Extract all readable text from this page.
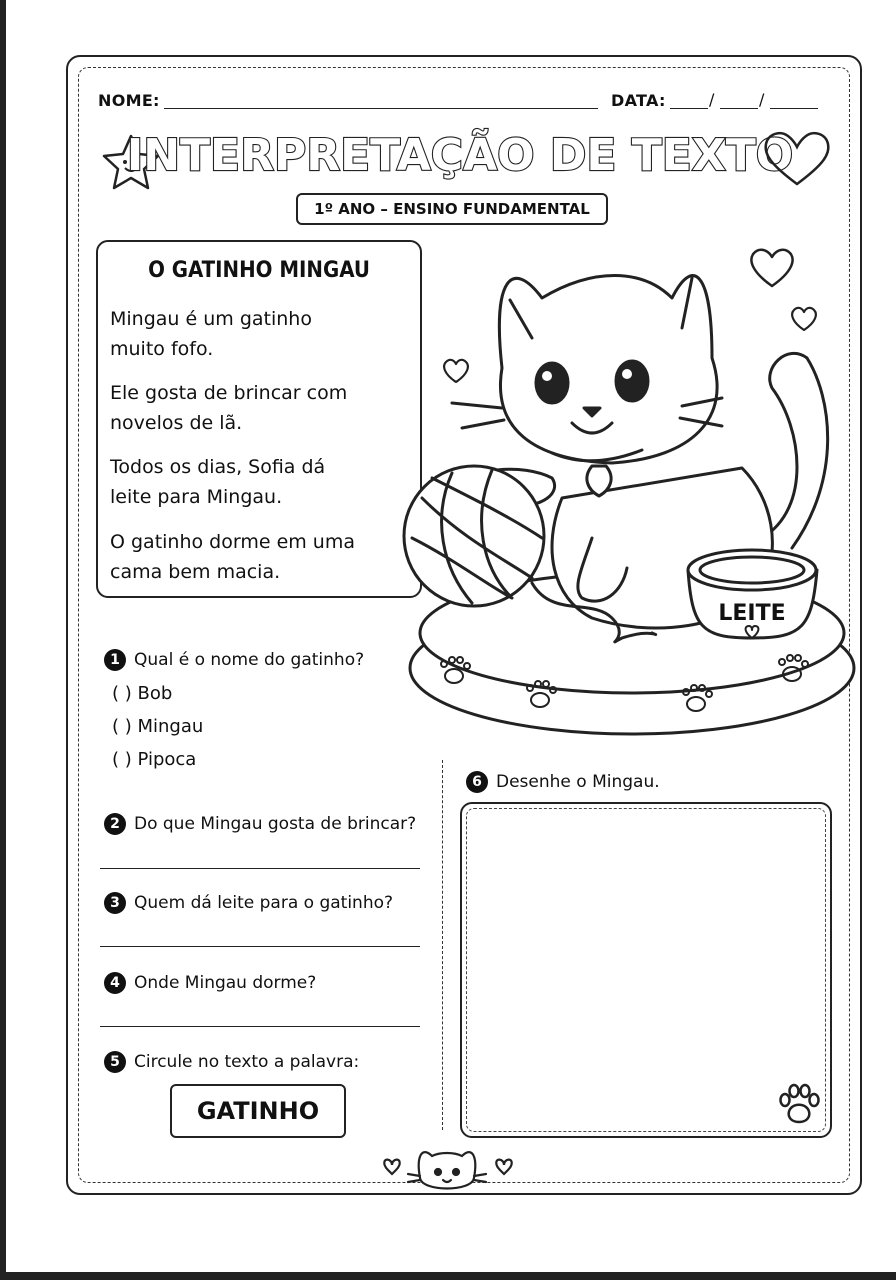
NOME:	DATA:	/	/
INTERPRETAÇÃO DE TEXTO
1º ANO – ENSINO FUNDAMENTAL
O GATINHO MINGAU
Mingau é um gatinho
muito fofo.
Ele gosta de brincar com
novelos de lã.
Todos os dias, Sofia dá
leite para Mingau.
O gatinho dorme em uma
cama bem macia.
LEITE
1 Qual é o nome do gatinho?
( ) Bob
( ) Mingau
( ) Pipoca
2 Do que Mingau gosta de brincar?
3 Quem dá leite para o gatinho?
4 Onde Mingau dorme?
5 Circule no texto a palavra:
GATINHO
6 Desenhe o Mingau.
